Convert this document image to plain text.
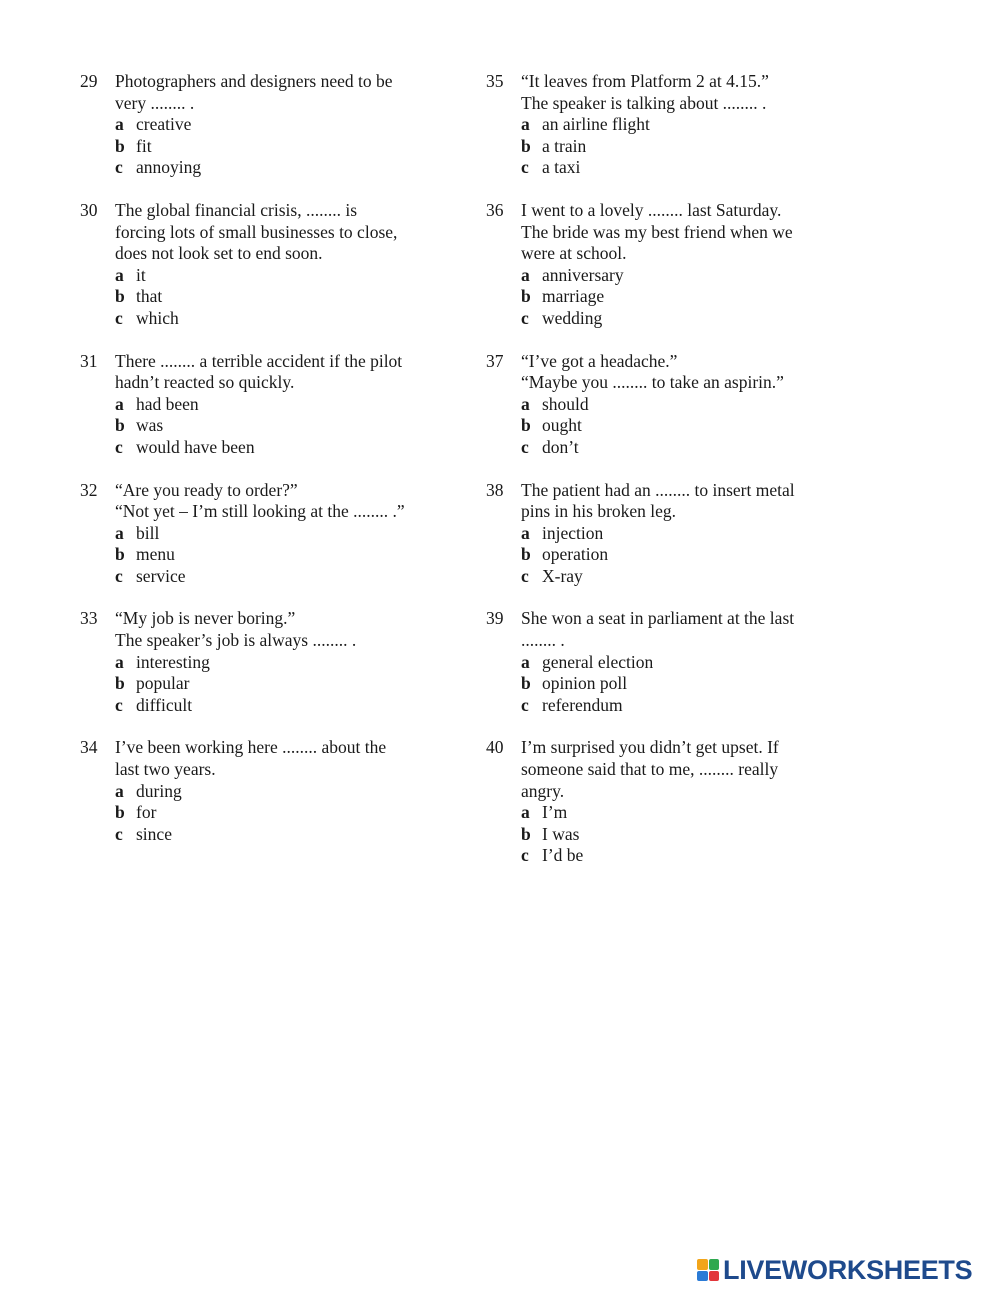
29	Photographers and designers need to be
very ........ .
a creative
b fit
c annoying
30	The global financial crisis, ........ is
forcing lots of small businesses to close,
does not look set to end soon.
a it
b that
c which
31	There ........ a terrible accident if the pilot
hadn’t reacted so quickly.
a had been
b was
c would have been
32	“Are you ready to order?”
“Not yet – I’m still looking at the ........ .”
a bill
b menu
c service
33	“My job is never boring.”
The speaker’s job is always ........ .
a interesting
b popular
c difficult
34	I’ve been working here ........ about the
last two years.
a during
b for
c since
35	“It leaves from Platform 2 at 4.15.”
The speaker is talking about ........ .
a an airline flight
b a train
c a taxi
36	I went to a lovely ........ last Saturday.
The bride was my best friend when we
were at school.
a anniversary
b marriage
c wedding
37	“I’ve got a headache.”
“Maybe you ........ to take an aspirin.”
a should
b ought
c don’t
38	The patient had an ........ to insert metal
pins in his broken leg.
a injection
b operation
c X-ray
39	She won a seat in parliament at the last
........ .
a general election
b opinion poll
c referendum
40	I’m surprised you didn’t get upset. If
someone said that to me, ........ really
angry.
a I’m
b I was
c I’d be
LIVEWORKSHEETS
